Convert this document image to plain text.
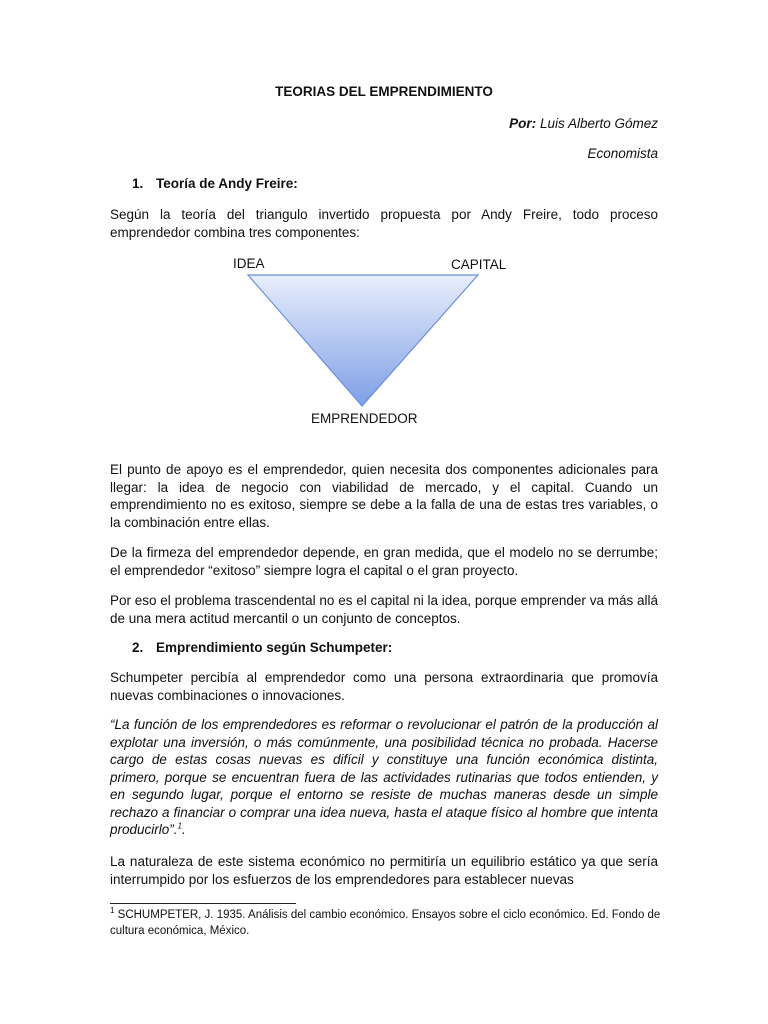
TEORIAS DEL EMPRENDIMIENTO
Por: Luis Alberto Gómez
Economista
1. Teoría de Andy Freire:

Según la teoría del triangulo invertido propuesta por Andy Freire, todo proceso emprendedor combina tres componentes:

IDEA	CAPITAL
EMPRENDEDOR

El punto de apoyo es el emprendedor, quien necesita dos componentes adicionales para llegar: la idea de negocio con viabilidad de mercado, y el capital. Cuando un emprendimiento no es exitoso, siempre se debe a la falla de una de estas tres variables, o la combinación entre ellas.

De la firmeza del emprendedor depende, en gran medida, que el modelo no se derrumbe; el emprendedor “exitoso” siempre logra el capital o el gran proyecto.

Por eso el problema trascendental no es el capital ni la idea, porque emprender va más allá de una mera actitud mercantil o un conjunto de conceptos.

2. Emprendimiento según Schumpeter:

Schumpeter percibía al emprendedor como una persona extraordinaria que promovía nuevas combinaciones o innovaciones.

“La función de los emprendedores es reformar o revolucionar el patrón de la producción al explotar una inversión, o más comúnmente, una posibilidad técnica no probada. Hacerse cargo de estas cosas nuevas es difícil y constituye una función económica distinta, primero, porque se encuentran fuera de las actividades rutinarias que todos entienden, y en segundo lugar, porque el entorno se resiste de muchas maneras desde un simple rechazo a financiar o comprar una idea nueva, hasta el ataque físico al hombre que intenta producirlo”.$^1$.

La naturaleza de este sistema económico no permitiría un equilibrio estático ya que sería interrumpido por los esfuerzos de los emprendedores para establecer nuevas

$^1$ SCHUMPETER, J. 1935. Análisis del cambio económico. Ensayos sobre el ciclo económico. Ed. Fondo de cultura económica, México.
